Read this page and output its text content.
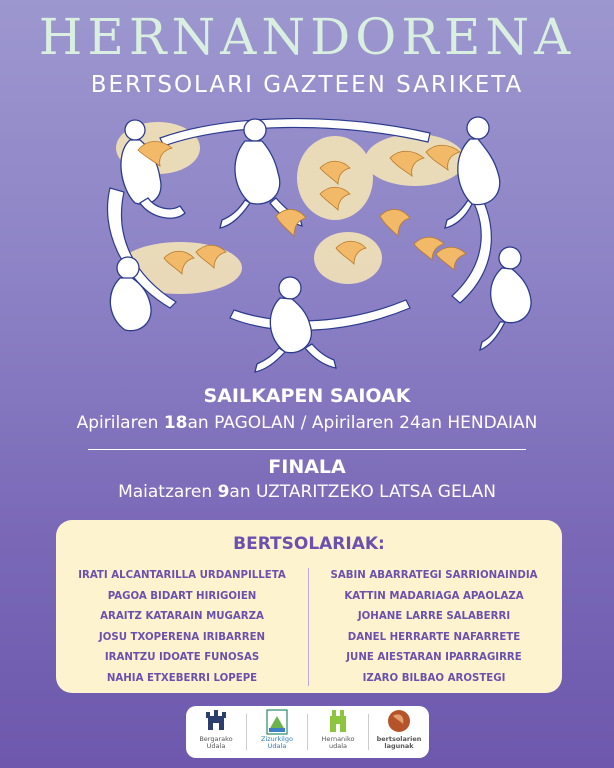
HERNANDORENA
BERTSOLARI GAZTEEN SARIKETA
SAILKAPEN SAIOAK
Apirilaren 18an PAGOLAN / Apirilaren 24an HENDAIAN
FINALA
Maiatzaren 9an UZTARITZEKO LATSA GELAN
BERTSOLARIAK:
IRATI ALCANTARILLA URDANPILLETA
PAGOA BIDART HIRIGOIEN
ARAITZ KATARAIN MUGARZA
JOSU TXOPERENA IRIBARREN
IRANTZU IDOATE FUNOSAS
NAHIA ETXEBERRI LOPEPE
SABIN ABARRATEGI SARRIONAINDIA
KATTIN MADARIAGA APAOLAZA
JOHANE LARRE SALABERRI
DANEL HERRARTE NAFARRETE
JUNE AIESTARAN IPARRAGIRRE
IZARO BILBAO AROSTEGI
Bergarako
Udala
Zizurkilgo
Udala
Hernaniko
udala
bertsolarien
lagunak
